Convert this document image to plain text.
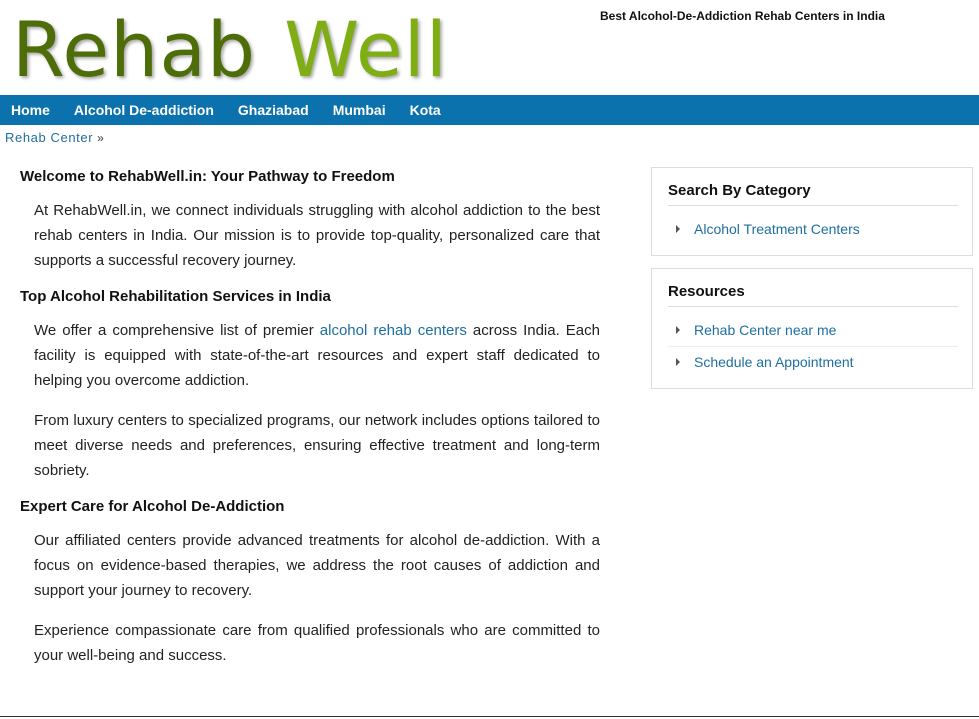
Rehab Well	Best Alcohol-De-Addiction Rehab Centers in India
Home Alcohol De-addiction Ghaziabad Mumbai Kota
Rehab Center »
Welcome to RehabWell.in: Your Pathway to Freedom

At RehabWell.in, we connect individuals struggling with alcohol addiction to the best rehab centers in India. Our mission is to provide top-quality, personalized care that supports a successful recovery journey.

Top Alcohol Rehabilitation Services in India

We offer a comprehensive list of premier alcohol rehab centers across India. Each facility is equipped with state-of-the-art resources and expert staff dedicated to helping you overcome addiction.

From luxury centers to specialized programs, our network includes options tailored to meet diverse needs and preferences, ensuring effective treatment and long-term sobriety.

Expert Care for Alcohol De-Addiction

Our affiliated centers provide advanced treatments for alcohol de-addiction. With a focus on evidence-based therapies, we address the root causes of addiction and support your journey to recovery.

Experience compassionate care from qualified professionals who are committed to your well-being and success.

Search By Category
Alcohol Treatment Centers
Resources
Rehab Center near me
Schedule an Appointment
